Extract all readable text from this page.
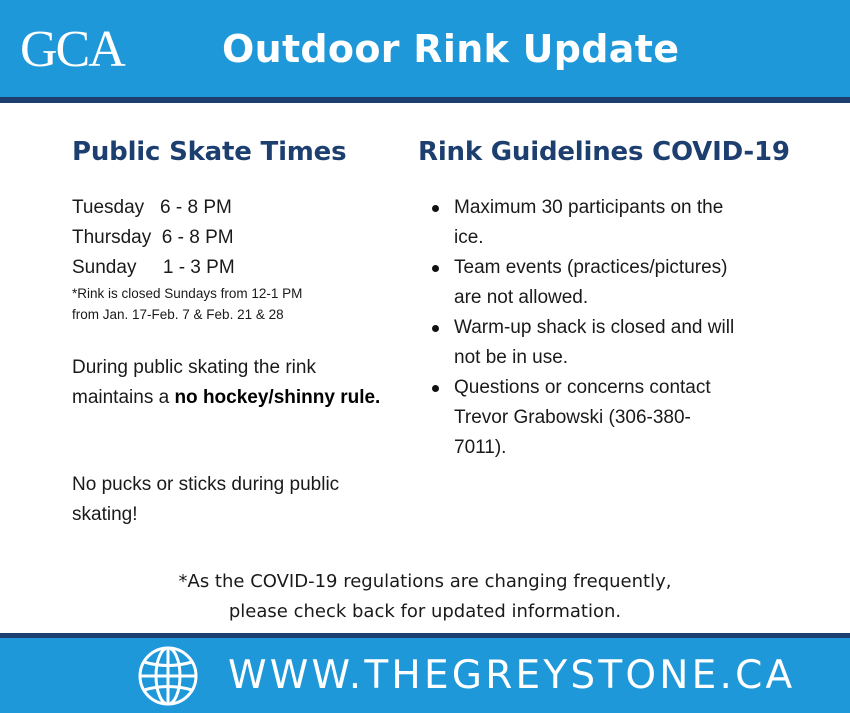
GCA	Outdoor Rink Update
Public Skate Times	Rink Guidelines COVID-19
Tuesday 6 - 8 PM
Thursday 6 - 8 PM
Sunday 1 - 3 PM
*Rink is closed Sundays from 12-1 PM
from Jan. 17-Feb. 7 & Feb. 21 & 28
During public skating the rink maintains a no hockey/shinny rule.
No pucks or sticks during public skating!
Maximum 30 participants on the ice.
Team events (practices/pictures) are not allowed.
Warm-up shack is closed and will not be in use.
Questions or concerns contact Trevor Grabowski (306-380-7011).
*As the COVID-19 regulations are changing frequently,
please check back for updated information.
WWW.THEGREYSTONE.CA
